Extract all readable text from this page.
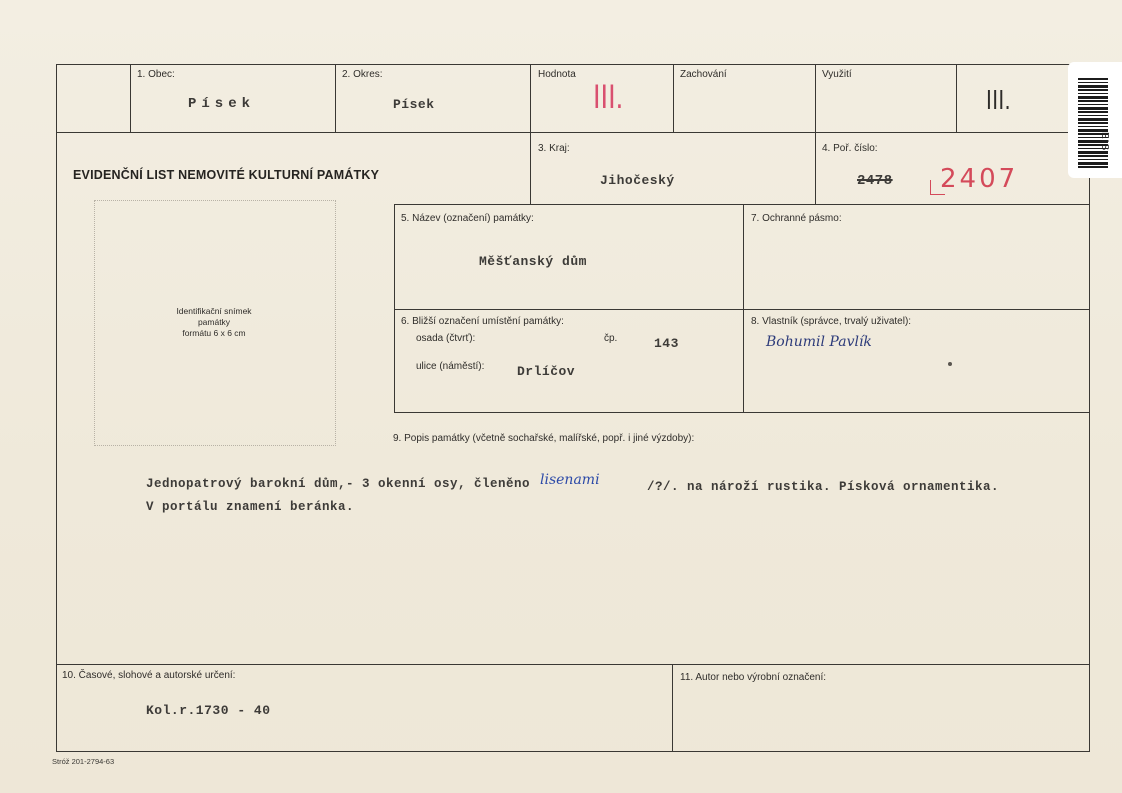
1. Obec:
Písek
2. Okres:
Písek
Hodnota
III.
Zachování	Využití
III.
EVIDENČNÍ LIST NEMOVITÉ KULTURNÍ PAMÁTKY
3. Kraj:
Jihočeský
4. Poř. číslo:
2478 2407
Identifikační snímek
památky
formátu 6 x 6 cm
5. Název (označení) památky:
Měšťanský dům
7. Ochranné pásmo:
6. Bližší označení umístění památky:
osada (čtvrť):	čp.	143
ulice (náměstí):	Drlíčov
8. Vlastník (správce, trvalý uživatel):
Bohumil Pavlík
9. Popis památky (včetně sochařské, malířské, popř. i jiné výzdoby):
Jednopatrový barokní dům,- 3 okenní osy, členěno lisenami	/?/. na nároží rustika. Písková ornamentika.
V portálu znamení beránka.
10. Časové, slohové a autorské určení:
Kol.r.1730 - 40
11. Autor nebo výrobní označení:
Stróž 201-2794-63
EIS
